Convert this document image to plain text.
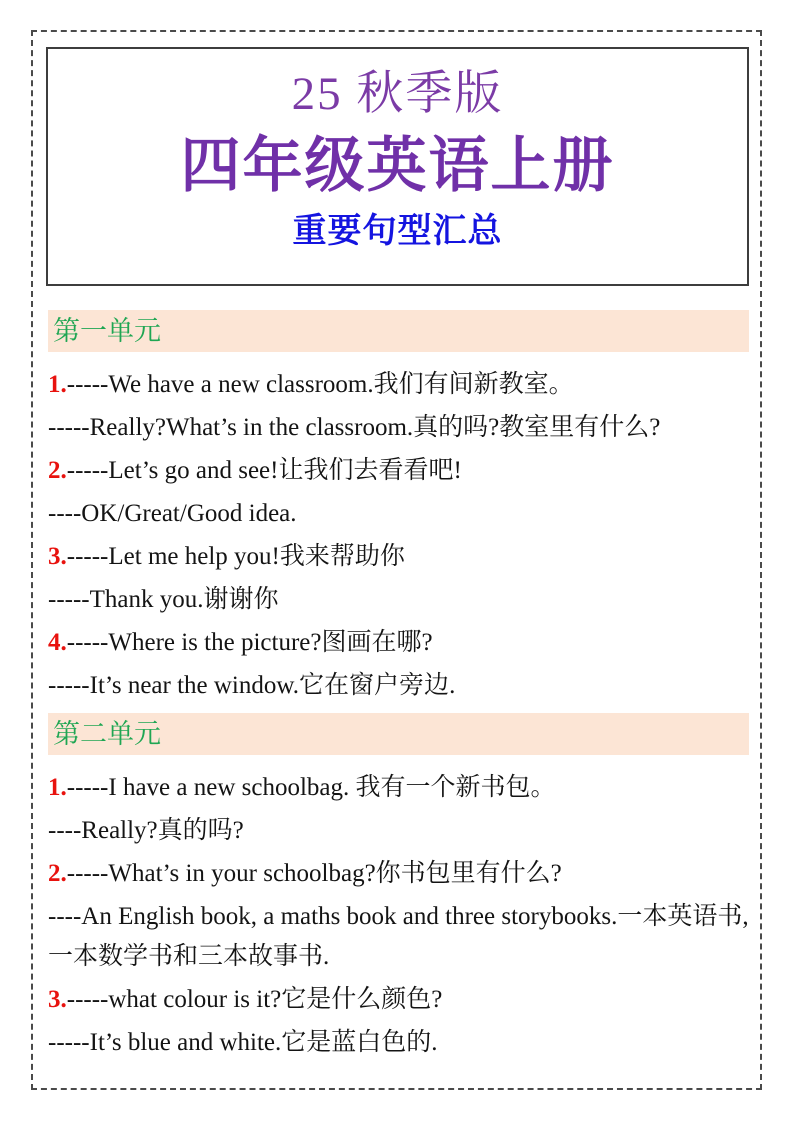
25 秋季版
四年级英语上册
重要句型汇总
第一单元
1.-----We have a new classroom.我们有间新教室。
-----Really?What’s in the classroom.真的吗?教室里有什么?
2.-----Let’s go and see!让我们去看看吧!
----OK/Great/Good idea.
3.-----Let me help you!我来帮助你
-----Thank you.谢谢你
4.-----Where is the picture?图画在哪?
-----It’s near the window.它在窗户旁边.
第二单元
1.-----I have a new schoolbag. 我有一个新书包。
----Really?真的吗?
2.-----What’s in your schoolbag?你书包里有什么?
----An English book, a maths book and three storybooks.一本英语书,一本数学书和三本故事书.
3.-----what colour is it?它是什么颜色?
-----It’s blue and white.它是蓝白色的.
